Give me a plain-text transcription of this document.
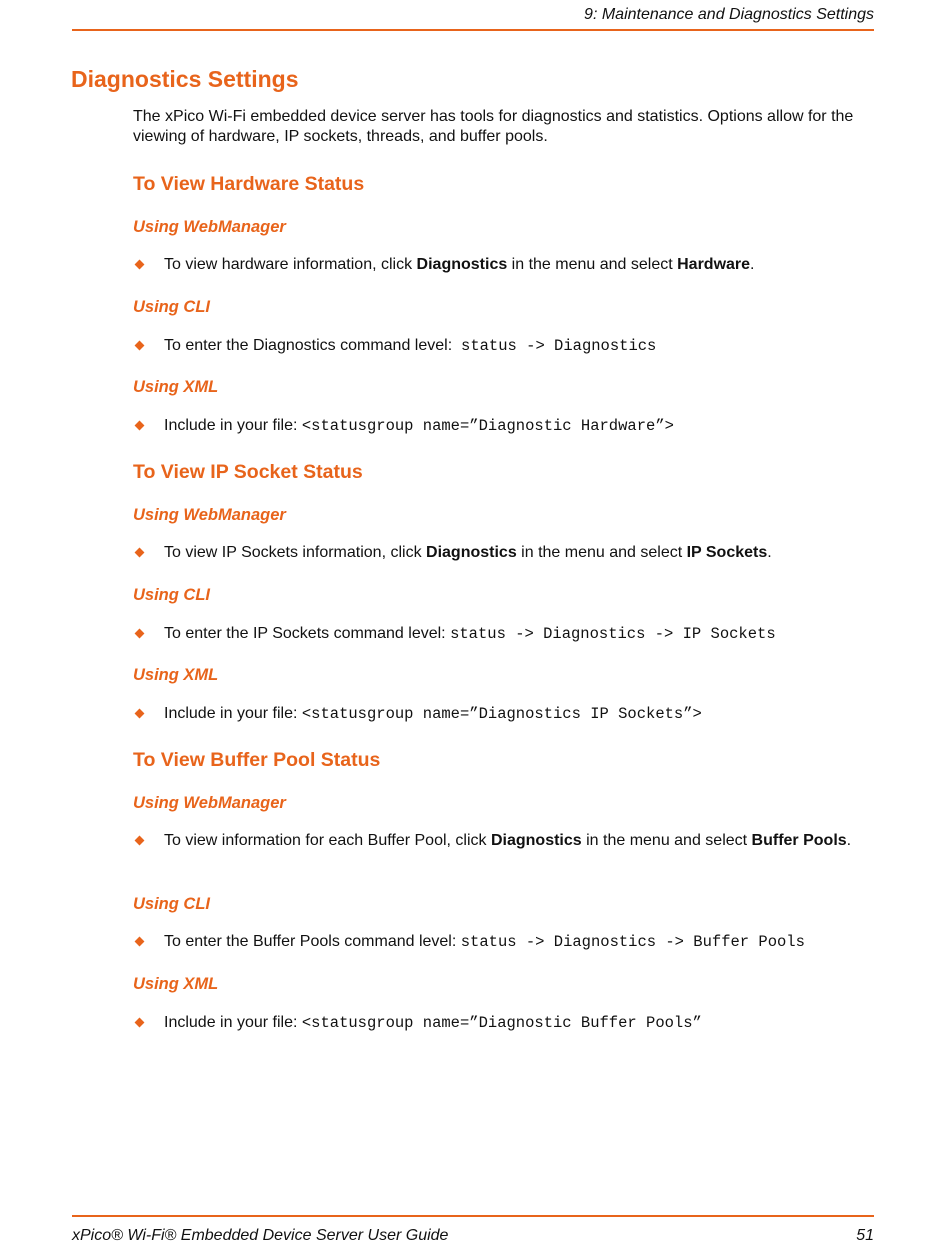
9: Maintenance and Diagnostics Settings
Diagnostics Settings

The xPico Wi-Fi embedded device server has tools for diagnostics and statistics. Options allow for the viewing of hardware, IP sockets, threads, and buffer pools.

To View Hardware Status
Using WebManager
To view hardware information, click Diagnostics in the menu and select Hardware.
Using CLI
To enter the Diagnostics command level:  status -> Diagnostics
Using XML
Include in your file: <statusgroup name=”Diagnostic Hardware”>
To View IP Socket Status
Using WebManager
To view IP Sockets information, click Diagnostics in the menu and select IP Sockets.
Using CLI
To enter the IP Sockets command level: status -> Diagnostics -> IP Sockets
Using XML
Include in your file: <statusgroup name=”Diagnostics IP Sockets”>
To View Buffer Pool Status
Using WebManager
To view information for each Buffer Pool, click Diagnostics in the menu and select Buffer Pools.
Using CLI
To enter the Buffer Pools command level: status -> Diagnostics -> Buffer Pools
Using XML
Include in your file: <statusgroup name=”Diagnostic Buffer Pools”
xPico® Wi-Fi® Embedded Device Server User Guide	51
